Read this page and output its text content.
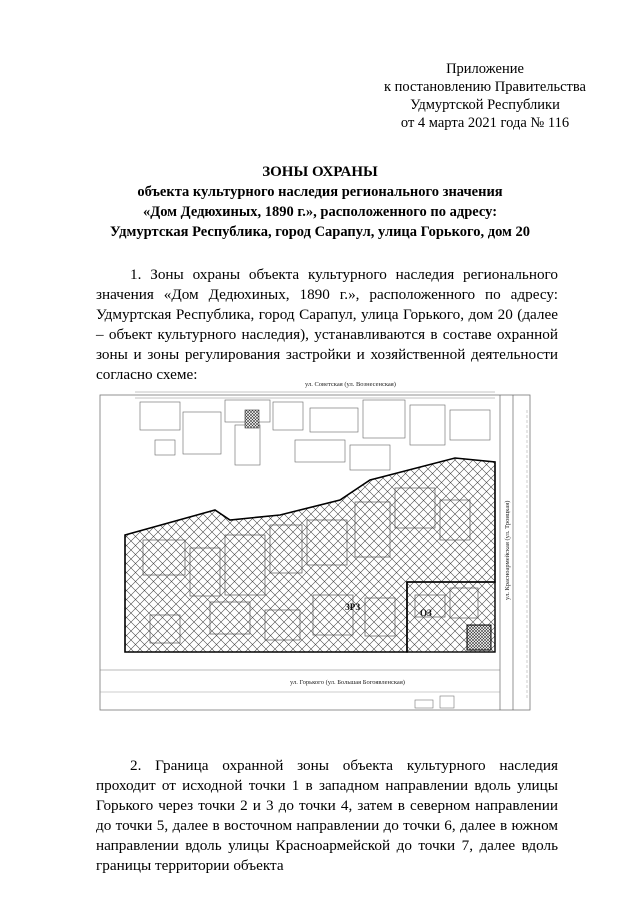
Приложение
к постановлению Правительства
Удмуртской Республики
от 4 марта 2021 года № 116
ЗОНЫ ОХРАНЫ
объекта культурного наследия регионального значения
«Дом Дедюхиных, 1890 г.», расположенного по адресу:
Удмуртская Республика, город Сарапул, улица Горького, дом 20
1. Зоны охраны объекта культурного наследия регионального значения «Дом Дедюхиных, 1890 г.», расположенного по адресу: Удмуртская Республика, город Сарапул, улица Горького, дом 20 (далее – объект культурного наследия), устанавливаются в составе охранной зоны и зоны регулирования застройки и хозяйственной деятельности согласно схеме:
ул. Советская (ул. Вознесенская)
ул. Горького (ул. Большая Богоявленская)
ул. Красноармейская (ул. Троицкая)
ЗРЗ
ОЗ
2. Граница охранной зоны объекта культурного наследия проходит от исходной точки 1 в западном направлении вдоль улицы Горького через точки 2 и 3 до точки 4, затем в северном направлении до точки 5, далее в восточном направлении до точки 6, далее в южном направлении вдоль улицы Красноармейской до точки 7, далее вдоль границы территории объекта
